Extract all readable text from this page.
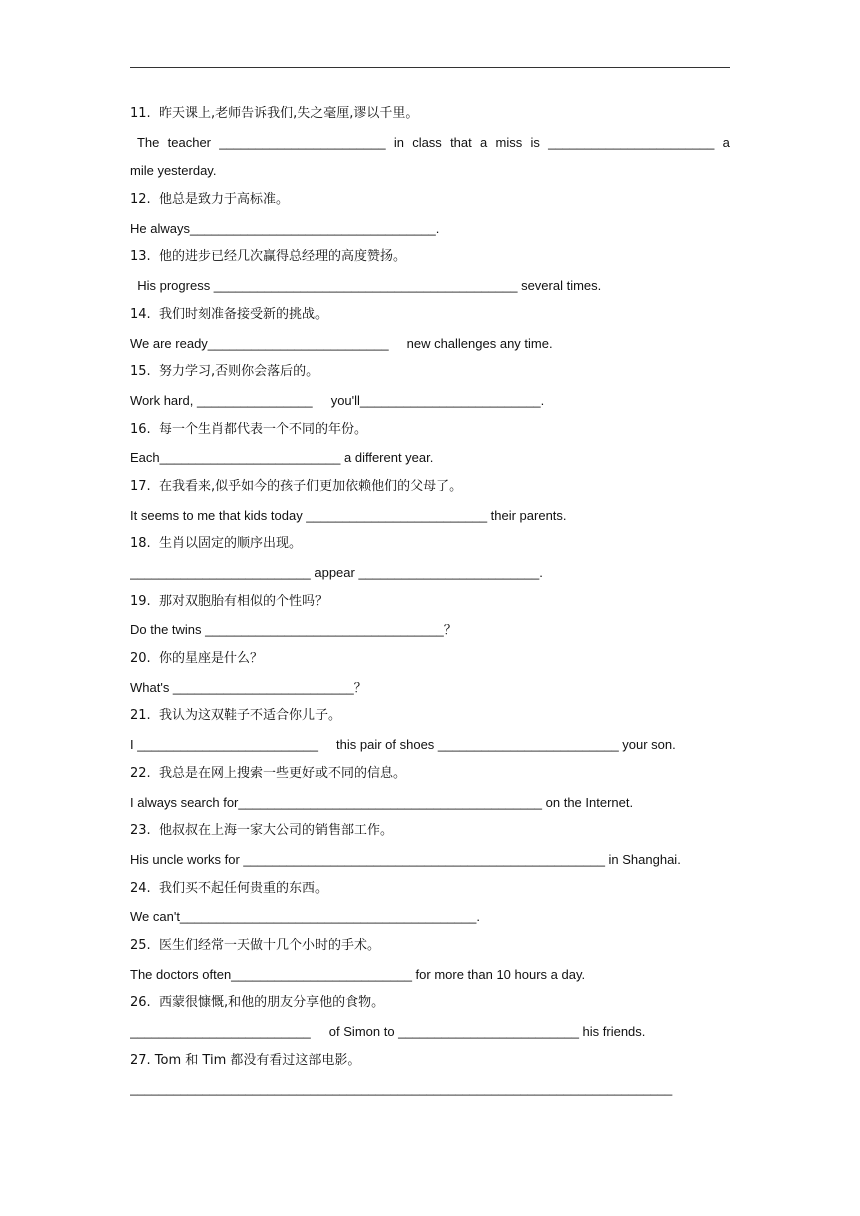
11.  昨天课上,老师告诉我们,失之毫厘,谬以千里。
The teacher _______________________ in class that a miss is _______________________ a
mile yesterday.
12.  他总是致力于高标准。
He always__________________________________.
13.  他的进步已经几次赢得总经理的高度赞扬。
His progress __________________________________________ several times.
14.  我们时刻准备接受新的挑战。
We are ready_________________________     new challenges any time.
15.  努力学习,否则你会落后的。
Work hard, ________________     you'll_________________________.
16.  每一个生肖都代表一个不同的年份。
Each_________________________ a different year.
17.  在我看来,似乎如今的孩子们更加依赖他们的父母了。
It seems to me that kids today _________________________ their parents.
18.  生肖以固定的顺序出现。
_________________________ appear _________________________.
19.  那对双胞胎有相似的个性吗？
Do the twins _________________________________？
20.  你的星座是什么？
What's _________________________？
21.  我认为这双鞋子不适合你儿子。
I _________________________     this pair of shoes _________________________ your son.
22.  我总是在网上搜索一些更好或不同的信息。
I always search for__________________________________________ on the Internet.
23.  他叔叔在上海一家大公司的销售部工作。
His uncle works for __________________________________________________ in Shanghai.
24.  我们买不起任何贵重的东西。
We can't_________________________________________.
25.  医生们经常一天做十几个小时的手术。
The doctors often_________________________ for more than 10 hours a day.
26.  西蒙很慷慨,和他的朋友分享他的食物。
_________________________     of Simon to _________________________ his friends.
27. Tom 和 Tim 都没有看过这部电影。
___________________________________________________________________________
